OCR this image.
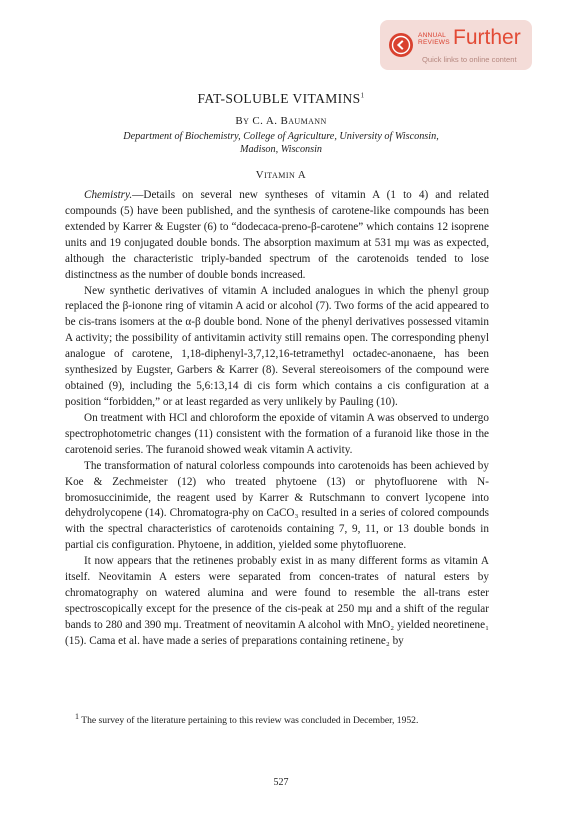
ANNUAL
REVIEWS Further
Quick links to online content
FAT-SOLUBLE VITAMINS$^1$
By C. A. Baumann
Department of Biochemistry, College of Agriculture, University of Wisconsin,
Madison, Wisconsin
Vitamin A

Chemistry.—Details on several new syntheses of vitamin A (1 to 4) and related compounds (5) have been published, and the synthesis of carotene-like compounds has been extended by Karrer & Eugster (6) to “dodecaca-preno-β-carotene” which contains 12 isoprene units and 19 conjugated double bonds. The absorption maximum at 531 mμ was as expected, although the characteristic triply-banded spectrum of the carotenoids tended to lose distinctness as the number of double bonds increased.

New synthetic derivatives of vitamin A included analogues in which the phenyl group replaced the β-ionone ring of vitamin A acid or alcohol (7). Two forms of the acid appeared to be cis-trans isomers at the α-β double bond. None of the phenyl derivatives possessed vitamin A activity; the possibility of antivitamin activity still remains open. The corresponding phenyl analogue of carotene, 1,18-diphenyl-3,7,12,16-tetramethyl octadec-anonaene, has been synthesized by Eugster, Garbers & Karrer (8). Several stereoisomers of the compound were obtained (9), including the 5,6:13,14 di cis form which contains a cis configuration at a position “forbidden,” or at least regarded as very unlikely by Pauling (10).

On treatment with HCl and chloroform the epoxide of vitamin A was observed to undergo spectrophotometric changes (11) consistent with the formation of a furanoid like those in the carotenoid series. The furanoid showed weak vitamin A activity.

The transformation of natural colorless compounds into carotenoids has been achieved by Koe & Zechmeister (12) who treated phytoene (13) or phytofluorene with N-bromosuccinimide, the reagent used by Karrer & Rutschmann to convert lycopene into dehydrolycopene (14). Chromatogra-phy on CaCO₃ resulted in a series of colored compounds with the spectral characteristics of carotenoids containing 7, 9, 11, or 13 double bonds in partial cis configuration. Phytoene, in addition, yielded some phytofluorene.

It now appears that the retinenes probably exist in as many different forms as vitamin A itself. Neovitamin A esters were separated from concen-trates of natural esters by chromatography on watered alumina and were found to resemble the all-trans ester spectroscopically except for the presence of the cis-peak at 250 mμ and a shift of the regular bands to 280 and 390 mμ. Treatment of neovitamin A alcohol with MnO₂ yielded neoretinene₁ (15). Cama et al. have made a series of preparations containing retinene₂ by

$^1$ The survey of the literature pertaining to this review was concluded in December, 1952.
527
